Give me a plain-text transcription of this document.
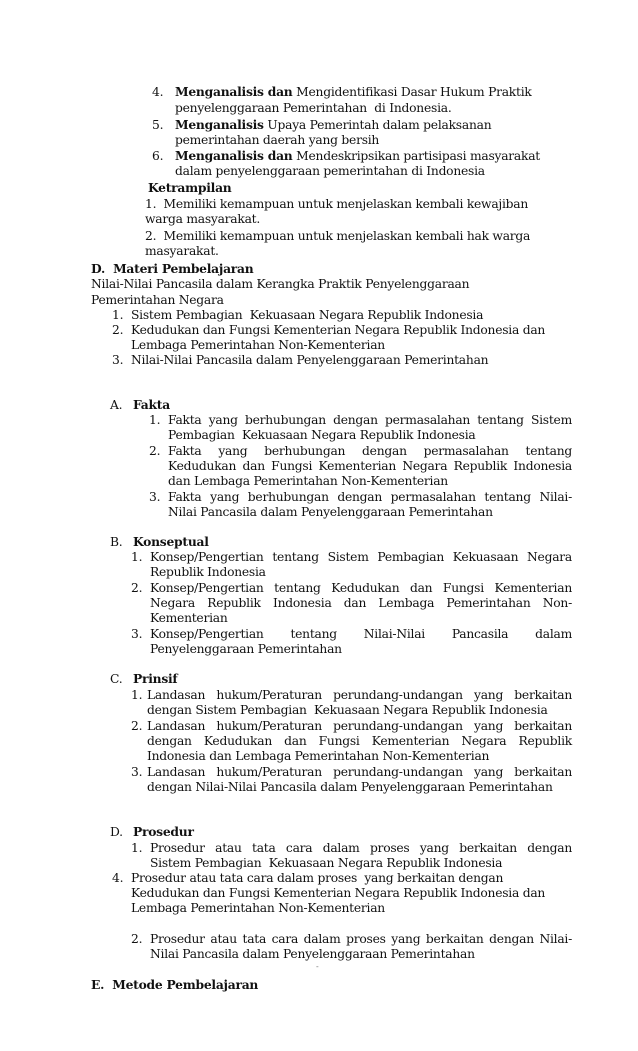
4. Menganalisis dan Mengidentifikasi Dasar Hukum Praktik
penyelenggaraan Pemerintahan  di Indonesia.
5. Menganalisis Upaya Pemerintah dalam pelaksanan
pemerintahan daerah yang bersih
6. Menganalisis dan Mendeskripsikan partisipasi masyarakat
dalam penyelenggaraan pemerintahan di Indonesia
Ketrampilan
1.  Memiliki kemampuan untuk menjelaskan kembali kewajiban
warga masyarakat.
2.  Memiliki kemampuan untuk menjelaskan kembali hak warga
masyarakat.
D.  Materi Pembelajaran
Nilai-Nilai Pancasila dalam Kerangka Praktik Penyelenggaraan
Pemerintahan Negara
1. Sistem Pembagian  Kekuasaan Negara Republik Indonesia
2. Kedudukan dan Fungsi Kementerian Negara Republik Indonesia dan
Lembaga Pemerintahan Non-Kementerian
3. Nilai-Nilai Pancasila dalam Penyelenggaraan Pemerintahan
A. Fakta
1. Fakta yang berhubungan dengan permasalahan tentang Sistem
Pembagian  Kekuasaan Negara Republik Indonesia
2. Fakta yang berhubungan dengan permasalahan tentang
Kedudukan dan Fungsi Kementerian Negara Republik Indonesia
dan Lembaga Pemerintahan Non-Kementerian
3. Fakta yang berhubungan dengan permasalahan tentang Nilai-
Nilai Pancasila dalam Penyelenggaraan Pemerintahan
B. Konseptual
1. Konsep/Pengertian tentang Sistem Pembagian Kekuasaan Negara
Republik Indonesia
2. Konsep/Pengertian tentang Kedudukan dan Fungsi Kementerian
Negara Republik Indonesia dan Lembaga Pemerintahan Non-
Kementerian
3. Konsep/Pengertian tentang Nilai-Nilai Pancasila dalam
Penyelenggaraan Pemerintahan
C. Prinsif
1. Landasan hukum/Peraturan perundang-undangan yang berkaitan
dengan Sistem Pembagian  Kekuasaan Negara Republik Indonesia
2. Landasan hukum/Peraturan perundang-undangan yang berkaitan
dengan Kedudukan dan Fungsi Kementerian Negara Republik
Indonesia dan Lembaga Pemerintahan Non-Kementerian
3. Landasan hukum/Peraturan perundang-undangan yang berkaitan
dengan Nilai-Nilai Pancasila dalam Penyelenggaraan Pemerintahan
D. Prosedur
1. Prosedur atau tata cara dalam proses yang berkaitan dengan
Sistem Pembagian  Kekuasaan Negara Republik Indonesia
4. Prosedur atau tata cara dalam proses  yang berkaitan dengan
Kedudukan dan Fungsi Kementerian Negara Republik Indonesia dan
Lembaga Pemerintahan Non-Kementerian
2. Prosedur atau tata cara dalam proses yang berkaitan dengan Nilai-
Nilai Pancasila dalam Penyelenggaraan Pemerintahan
-
E.  Metode Pembelajaran
